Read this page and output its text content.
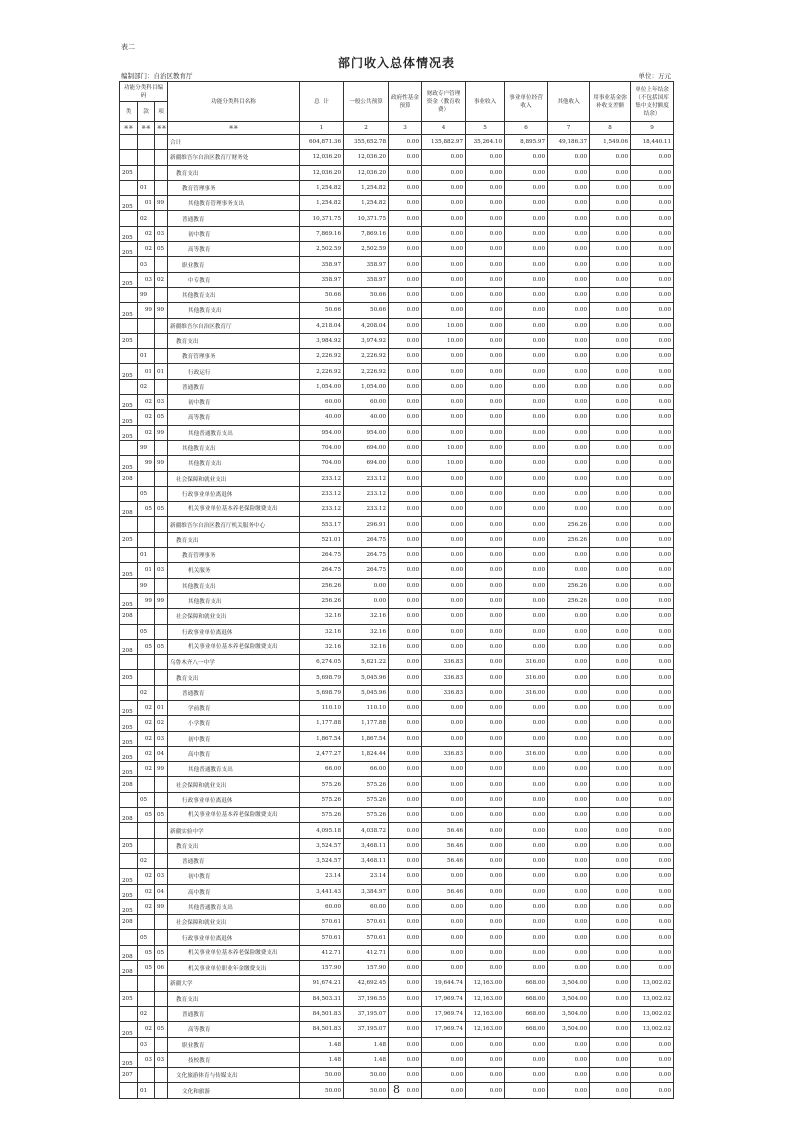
表二
部门收入总体情况表
编制部门：自治区教育厅	单位：万元
功能分类科目编码			功能分类科目名称	总  计	一般公共预算	政府性基金预算	财政专户管理资金（教育收费）	事业收入	事业单位经营收入	其他收入	用事业基金弥补收支差额	单位上年结余（不包括国库集中支付额度结余）
类	款	项										
※※	※※	※※	※※	1	2	3	4	5	6	7	8	9
			合计	604,871.36	355,652.78	0.00	135,882.97	35,264.10	8,895.97	49,186.37	1,549.06	18,440.11
			新疆维吾尔自治区教育厅财务处	12,036.20	12,036.20	0.00	0.00	0.00	0.00	0.00	0.00	0.00
205			教育支出	12,036.20	12,036.20	0.00	0.00	0.00	0.00	0.00	0.00	0.00
	01		教育管理事务	1,254.82	1,254.82	0.00	0.00	0.00	0.00	0.00	0.00	0.00
205	01	99	其他教育管理事务支出	1,254.82	1,254.82	0.00	0.00	0.00	0.00	0.00	0.00	0.00
	02		普通教育	10,371.75	10,371.75	0.00	0.00	0.00	0.00	0.00	0.00	0.00
205	02	03	初中教育	7,869.16	7,869.16	0.00	0.00	0.00	0.00	0.00	0.00	0.00
205	02	05	高等教育	2,502.59	2,502.59	0.00	0.00	0.00	0.00	0.00	0.00	0.00
	03		职业教育	358.97	358.97	0.00	0.00	0.00	0.00	0.00	0.00	0.00
205	03	02	中专教育	358.97	358.97	0.00	0.00	0.00	0.00	0.00	0.00	0.00
	99		其他教育支出	50.66	50.66	0.00	0.00	0.00	0.00	0.00	0.00	0.00
205	99	99	其他教育支出	50.66	50.66	0.00	0.00	0.00	0.00	0.00	0.00	0.00
			新疆维吾尔自治区教育厅	4,218.04	4,208.04	0.00	10.00	0.00	0.00	0.00	0.00	0.00
205			教育支出	3,984.92	3,974.92	0.00	10.00	0.00	0.00	0.00	0.00	0.00
	01		教育管理事务	2,226.92	2,226.92	0.00	0.00	0.00	0.00	0.00	0.00	0.00
205	01	01	行政运行	2,226.92	2,226.92	0.00	0.00	0.00	0.00	0.00	0.00	0.00
	02		普通教育	1,054.00	1,054.00	0.00	0.00	0.00	0.00	0.00	0.00	0.00
205	02	03	初中教育	60.00	60.00	0.00	0.00	0.00	0.00	0.00	0.00	0.00
205	02	05	高等教育	40.00	40.00	0.00	0.00	0.00	0.00	0.00	0.00	0.00
205	02	99	其他普通教育支出	954.00	954.00	0.00	0.00	0.00	0.00	0.00	0.00	0.00
	99		其他教育支出	704.00	694.00	0.00	10.00	0.00	0.00	0.00	0.00	0.00
205	99	99	其他教育支出	704.00	694.00	0.00	10.00	0.00	0.00	0.00	0.00	0.00
208			社会保障和就业支出	233.12	233.12	0.00	0.00	0.00	0.00	0.00	0.00	0.00
	05		行政事业单位离退休	233.12	233.12	0.00	0.00	0.00	0.00	0.00	0.00	0.00
208	05	05	机关事业单位基本养老保险缴费支出	233.12	233.12	0.00	0.00	0.00	0.00	0.00	0.00	0.00
			新疆维吾尔自治区教育厅机关服务中心	553.17	296.91	0.00	0.00	0.00	0.00	256.26	0.00	0.00
205			教育支出	521.01	264.75	0.00	0.00	0.00	0.00	256.26	0.00	0.00
	01		教育管理事务	264.75	264.75	0.00	0.00	0.00	0.00	0.00	0.00	0.00
205	01	03	机关服务	264.75	264.75	0.00	0.00	0.00	0.00	0.00	0.00	0.00
	99		其他教育支出	256.26	0.00	0.00	0.00	0.00	0.00	256.26	0.00	0.00
205	99	99	其他教育支出	256.26	0.00	0.00	0.00	0.00	0.00	256.26	0.00	0.00
208			社会保障和就业支出	32.16	32.16	0.00	0.00	0.00	0.00	0.00	0.00	0.00
	05		行政事业单位离退休	32.16	32.16	0.00	0.00	0.00	0.00	0.00	0.00	0.00
208	05	05	机关事业单位基本养老保险缴费支出	32.16	32.16	0.00	0.00	0.00	0.00	0.00	0.00	0.00
			乌鲁木齐八一中学	6,274.05	5,621.22	0.00	336.83	0.00	316.00	0.00	0.00	0.00
205			教育支出	5,698.79	5,045.96	0.00	336.83	0.00	316.00	0.00	0.00	0.00
	02		普通教育	5,698.79	5,045.96	0.00	336.83	0.00	316.00	0.00	0.00	0.00
205	02	01	学前教育	110.10	110.10	0.00	0.00	0.00	0.00	0.00	0.00	0.00
205	02	02	小学教育	1,177.88	1,177.88	0.00	0.00	0.00	0.00	0.00	0.00	0.00
205	02	03	初中教育	1,867.54	1,867.54	0.00	0.00	0.00	0.00	0.00	0.00	0.00
205	02	04	高中教育	2,477.27	1,824.44	0.00	336.83	0.00	316.00	0.00	0.00	0.00
205	02	99	其他普通教育支出	66.00	66.00	0.00	0.00	0.00	0.00	0.00	0.00	0.00
208			社会保障和就业支出	575.26	575.26	0.00	0.00	0.00	0.00	0.00	0.00	0.00
	05		行政事业单位离退休	575.26	575.26	0.00	0.00	0.00	0.00	0.00	0.00	0.00
208	05	05	机关事业单位基本养老保险缴费支出	575.26	575.26	0.00	0.00	0.00	0.00	0.00	0.00	0.00
			新疆实验中学	4,095.18	4,038.72	0.00	56.46	0.00	0.00	0.00	0.00	0.00
205			教育支出	3,524.57	3,468.11	0.00	56.46	0.00	0.00	0.00	0.00	0.00
	02		普通教育	3,524.57	3,468.11	0.00	56.46	0.00	0.00	0.00	0.00	0.00
205	02	03	初中教育	23.14	23.14	0.00	0.00	0.00	0.00	0.00	0.00	0.00
205	02	04	高中教育	3,441.43	3,384.97	0.00	56.46	0.00	0.00	0.00	0.00	0.00
205	02	99	其他普通教育支出	60.00	60.00	0.00	0.00	0.00	0.00	0.00	0.00	0.00
208			社会保障和就业支出	570.61	570.61	0.00	0.00	0.00	0.00	0.00	0.00	0.00
	05		行政事业单位离退休	570.61	570.61	0.00	0.00	0.00	0.00	0.00	0.00	0.00
208	05	05	机关事业单位基本养老保险缴费支出	412.71	412.71	0.00	0.00	0.00	0.00	0.00	0.00	0.00
208	05	06	机关事业单位职业年金缴费支出	157.90	157.90	0.00	0.00	0.00	0.00	0.00	0.00	0.00
			新疆大学	91,674.21	42,692.45	0.00	19,644.74	12,163.00	668.00	3,504.00	0.00	13,002.02
205			教育支出	84,503.31	37,196.55	0.00	17,969.74	12,163.00	668.00	3,504.00	0.00	13,002.02
	02		普通教育	84,501.83	37,195.07	0.00	17,969.74	12,163.00	668.00	3,504.00	0.00	13,002.02
205	02	05	高等教育	84,501.83	37,195.07	0.00	17,969.74	12,163.00	668.00	3,504.00	0.00	13,002.02
	03		职业教育	1.48	1.48	0.00	0.00	0.00	0.00	0.00	0.00	0.00
205	03	03	技校教育	1.48	1.48	0.00	0.00	0.00	0.00	0.00	0.00	0.00
207			文化旅游体育与传媒支出	50.00	50.00	0.00	0.00	0.00	0.00	0.00	0.00	0.00
	01		文化和旅游	50.00	50.00	0.00	0.00	0.00	0.00	0.00	0.00	0.00
8
